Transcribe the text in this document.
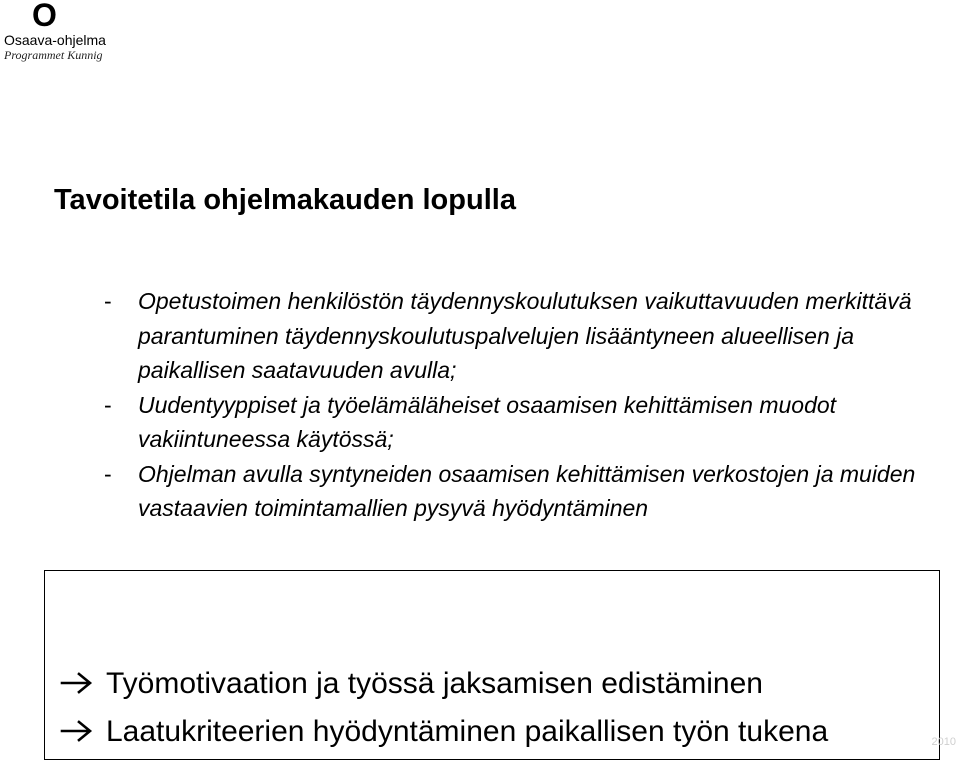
O
Osaava-ohjelma
Programmet Kunnig
Tavoitetila ohjelmakauden lopulla
- Opetustoimen henkilöstön täydennyskoulutuksen vaikuttavuuden merkittävä parantuminen täydennyskoulutuspalvelujen lisääntyneen alueellisen ja paikallisen saatavuuden avulla;
- Uudentyyppiset ja työelämäläheiset osaamisen kehittämisen muodot vakiintuneessa käytössä;
- Ohjelman avulla syntyneiden osaamisen kehittämisen verkostojen ja muiden vastaavien toimintamallien pysyvä hyödyntäminen
Työmotivaation ja työssä jaksamisen edistäminen
Laatukriteerien hyödyntäminen paikallisen työn tukena	2010
